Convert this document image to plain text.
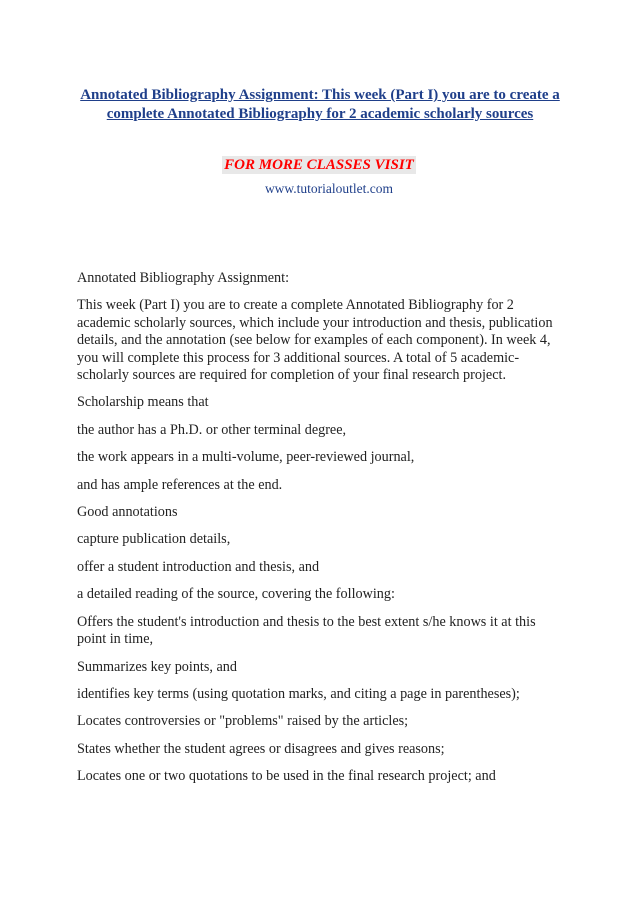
Annotated Bibliography Assignment: This week (Part I) you are to create a
complete Annotated Bibliography for 2 academic scholarly sources

FOR MORE CLASSES VISIT

www.tutorialoutlet.com

Annotated Bibliography Assignment:

This week (Part I) you are to create a complete Annotated Bibliography for 2 academic scholarly sources, which include your introduction and thesis, publication details, and the annotation (see below for examples of each component). In week 4, you will complete this process for 3 additional sources. A total of 5 academic-scholarly sources are required for completion of your final research project.

Scholarship means that

the author has a Ph.D. or other terminal degree,

the work appears in a multi-volume, peer-reviewed journal,

and has ample references at the end.

Good annotations

capture publication details,

offer a student introduction and thesis, and

a detailed reading of the source, covering the following:

Offers the student's introduction and thesis to the best extent s/he knows it at this point in time,

Summarizes key points, and

identifies key terms (using quotation marks, and citing a page in parentheses);

Locates controversies or "problems" raised by the articles;

States whether the student agrees or disagrees and gives reasons;

Locates one or two quotations to be used in the final research project; and
